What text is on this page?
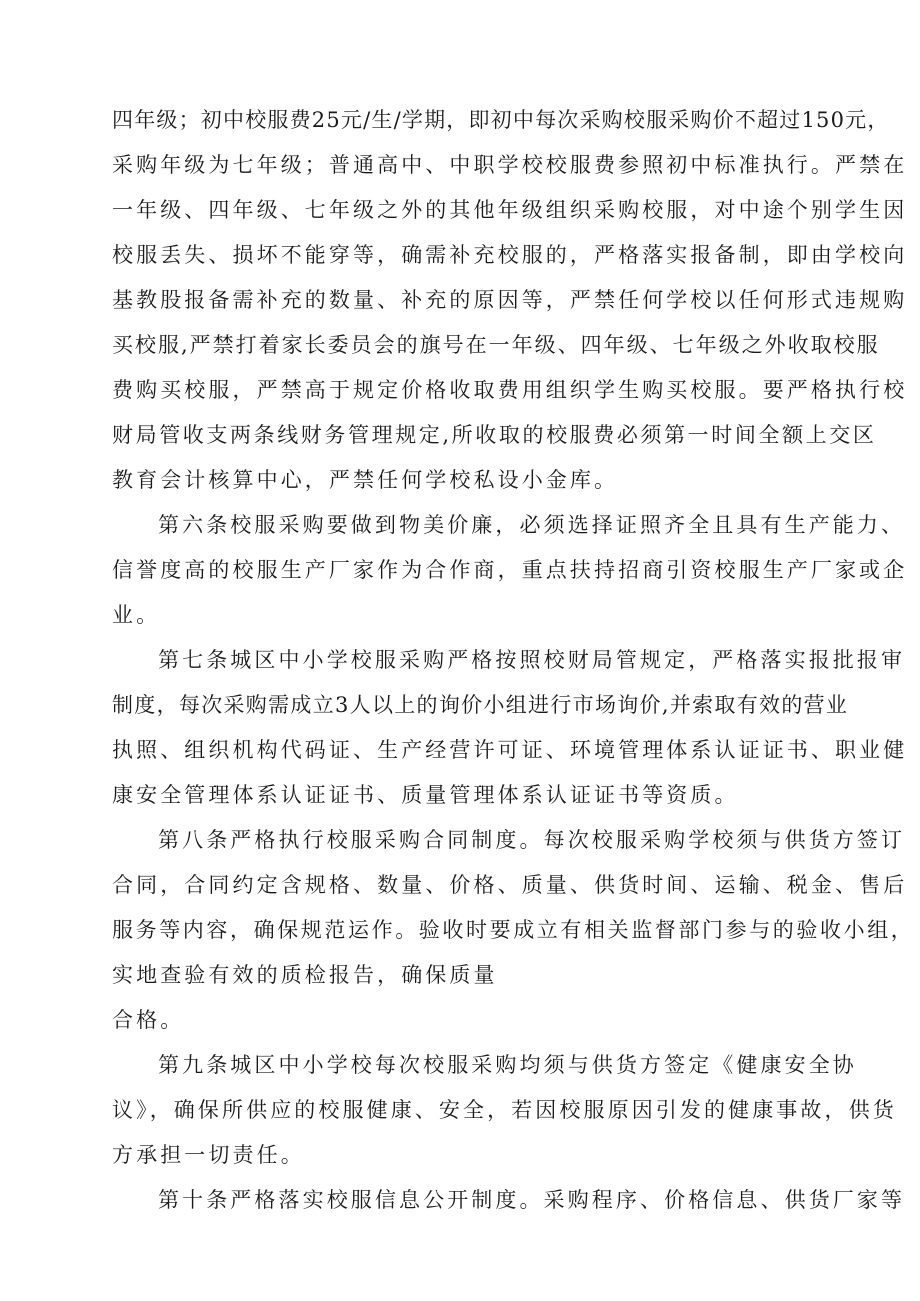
四年级；初中校服费25元/生/学期，即初中每次采购校服采购价不超过150元，
采购年级为七年级；普通高中、中职学校校服费参照初中标准执行。严禁在
一年级、四年级、七年级之外的其他年级组织采购校服，对中途个别学生因
校服丢失、损坏不能穿等，确需补充校服的，严格落实报备制，即由学校向
基教股报备需补充的数量、补充的原因等，严禁任何学校以任何形式违规购
买校服,严禁打着家长委员会的旗号在一年级、四年级、七年级之外收取校服
费购买校服，严禁高于规定价格收取费用组织学生购买校服。要严格执行校
财局管收支两条线财务管理规定,所收取的校服费必须第一时间全额上交区
教育会计核算中心，严禁任何学校私设小金库。
第六条校服采购要做到物美价廉，必须选择证照齐全且具有生产能力、
信誉度高的校服生产厂家作为合作商，重点扶持招商引资校服生产厂家或企
业。
第七条城区中小学校服采购严格按照校财局管规定，严格落实报批报审
制度，每次采购需成立3人以上的询价小组进行市场询价,并索取有效的营业
执照、组织机构代码证、生产经营许可证、环境管理体系认证证书、职业健
康安全管理体系认证证书、质量管理体系认证证书等资质。
第八条严格执行校服采购合同制度。每次校服采购学校须与供货方签订
合同，合同约定含规格、数量、价格、质量、供货时间、运输、税金、售后
服务等内容，确保规范运作。验收时要成立有相关监督部门参与的验收小组，
实地查验有效的质检报告，确保质量
合格。
第九条城区中小学校每次校服采购均须与供货方签定《健康安全协
议》，确保所供应的校服健康、安全，若因校服原因引发的健康事故，供货
方承担一切责任。
第十条严格落实校服信息公开制度。采购程序、价格信息、供货厂家等
